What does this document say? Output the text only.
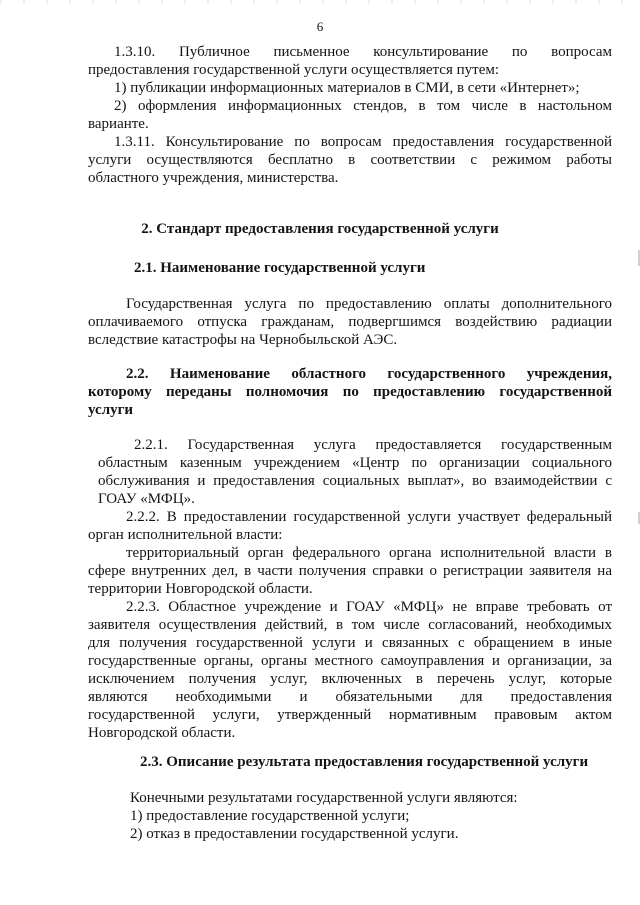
6
1.3.10. Публичное письменное консультирование по вопросам
предоставления государственной услуги осуществляется путем:
1) публикации информационных материалов в СМИ, в сети «Интернет»;
2) оформления информационных стендов, в том числе в настольном
варианте.
1.3.11. Консультирование по вопросам предоставления государственной
услуги осуществляются бесплатно в соответствии с режимом работы
областного учреждения, министерства.
2. Стандарт предоставления государственной услуги
2.1. Наименование государственной услуги
Государственная услуга по предоставлению оплаты дополнительного
оплачиваемого отпуска гражданам, подвергшимся воздействию радиации
вследствие катастрофы на Чернобыльской АЭС.
2.2. Наименование областного государственного учреждения,
которому переданы полномочия по предоставлению государственной
услуги
2.2.1. Государственная услуга предоставляется государственным
областным казенным учреждением «Центр по организации социального
обслуживания и предоставления социальных выплат», во взаимодействии с
ГОАУ «МФЦ».
2.2.2. В предоставлении государственной услуги участвует федеральный
орган исполнительной власти:
территориальный орган федерального органа исполнительной власти в
сфере внутренних дел, в части получения справки о регистрации заявителя на
территории Новгородской области.
2.2.3. Областное учреждение и ГОАУ «МФЦ» не вправе требовать от
заявителя осуществления действий, в том числе согласований, необходимых
для получения государственной услуги и связанных с обращением в иные
государственные органы, органы местного самоуправления и организации, за
исключением получения услуг, включенных в перечень услуг, которые
являются необходимыми и обязательными для предоставления
государственной услуги, утвержденный нормативным правовым актом
Новгородской области.
2.3. Описание результата предоставления государственной услуги
Конечными результатами государственной услуги являются:
1) предоставление государственной услуги;
2) отказ в предоставлении государственной услуги.
